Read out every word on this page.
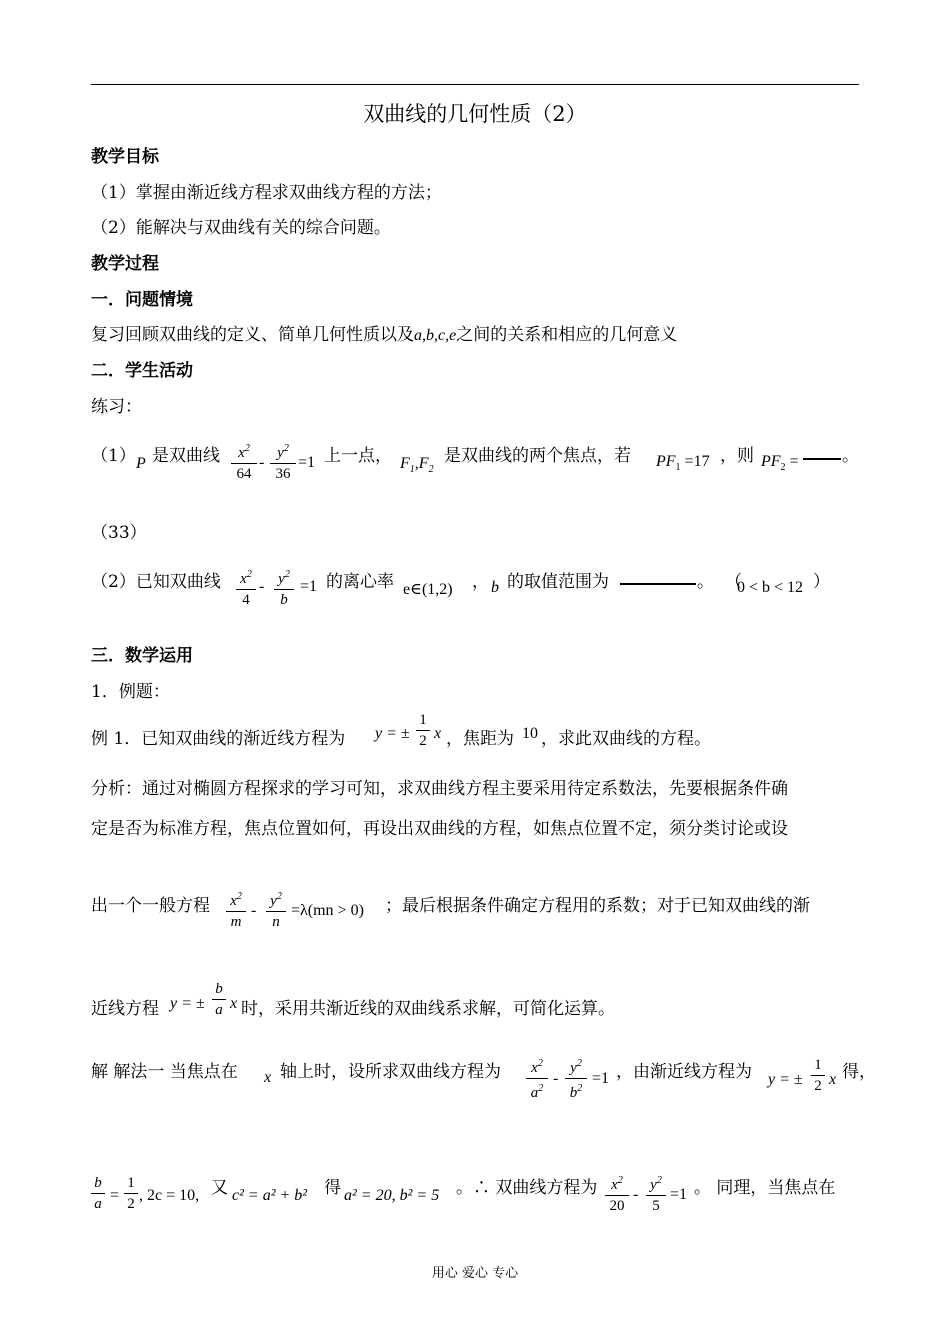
双曲线的几何性质（2）
教学目标
（1）掌握由渐近线方程求双曲线方程的方法；
（2）能解决与双曲线有关的综合问题。
教学过程
一．问题情境
复习回顾双曲线的定义、简单几何性质以及a,b,c,e之间的关系和相应的几何意义
二．学生活动
练习：
（1） P 是双曲线	$x^2$
64
-
$y^2$
36
=1 上一点， $F_1,F_2$
是双曲线的两个焦点，若 $PF_1 =17$ ，则 $PF_2$ =	。
（33）
（2）已知双曲线 $x^2$
4
- $y^2$
b
=1 的离心率 e∈(1,2) ， b 的取值范围为	。 （
0 < b < 12 ）
三．数学运用
1．例题：
例 1．已知双曲线的渐近线方程为 y = ±
1
2 x ，焦距为 10 ，求此双曲线的方程。
分析：通过对椭圆方程探求的学习可知，求双曲线方程主要采用待定系数法，先要根据条件确
定是否为标准方程，焦点位置如何，再设出双曲线的方程，如焦点位置不定，须分类讨论或设
出一个一般方程 $x^2$
m
-
$y^2$
n
=λ(mn > 0) ；最后根据条件确定方程用的系数；对于已知双曲线的渐
近线方程 y = ±
b
a x 时，采用共渐近线的双曲线系求解，可简化运算。
解 解法一 当焦点在 x 轴上时，设所求双曲线方程为	$x^2$
$a^2$
-
$y^2$
$b^2$
=1 ，由渐近线方程为 y = ±
1
2 x 得，
b
a =
1
2 , 2c = 10, 又 c² = a² + b² 得 a² = 20, b² = 5 。∴ 双曲线方程为 $x^2$
20
-
$y^2$
5
=1 。 同理，当焦点在
用心 爱心 专心
